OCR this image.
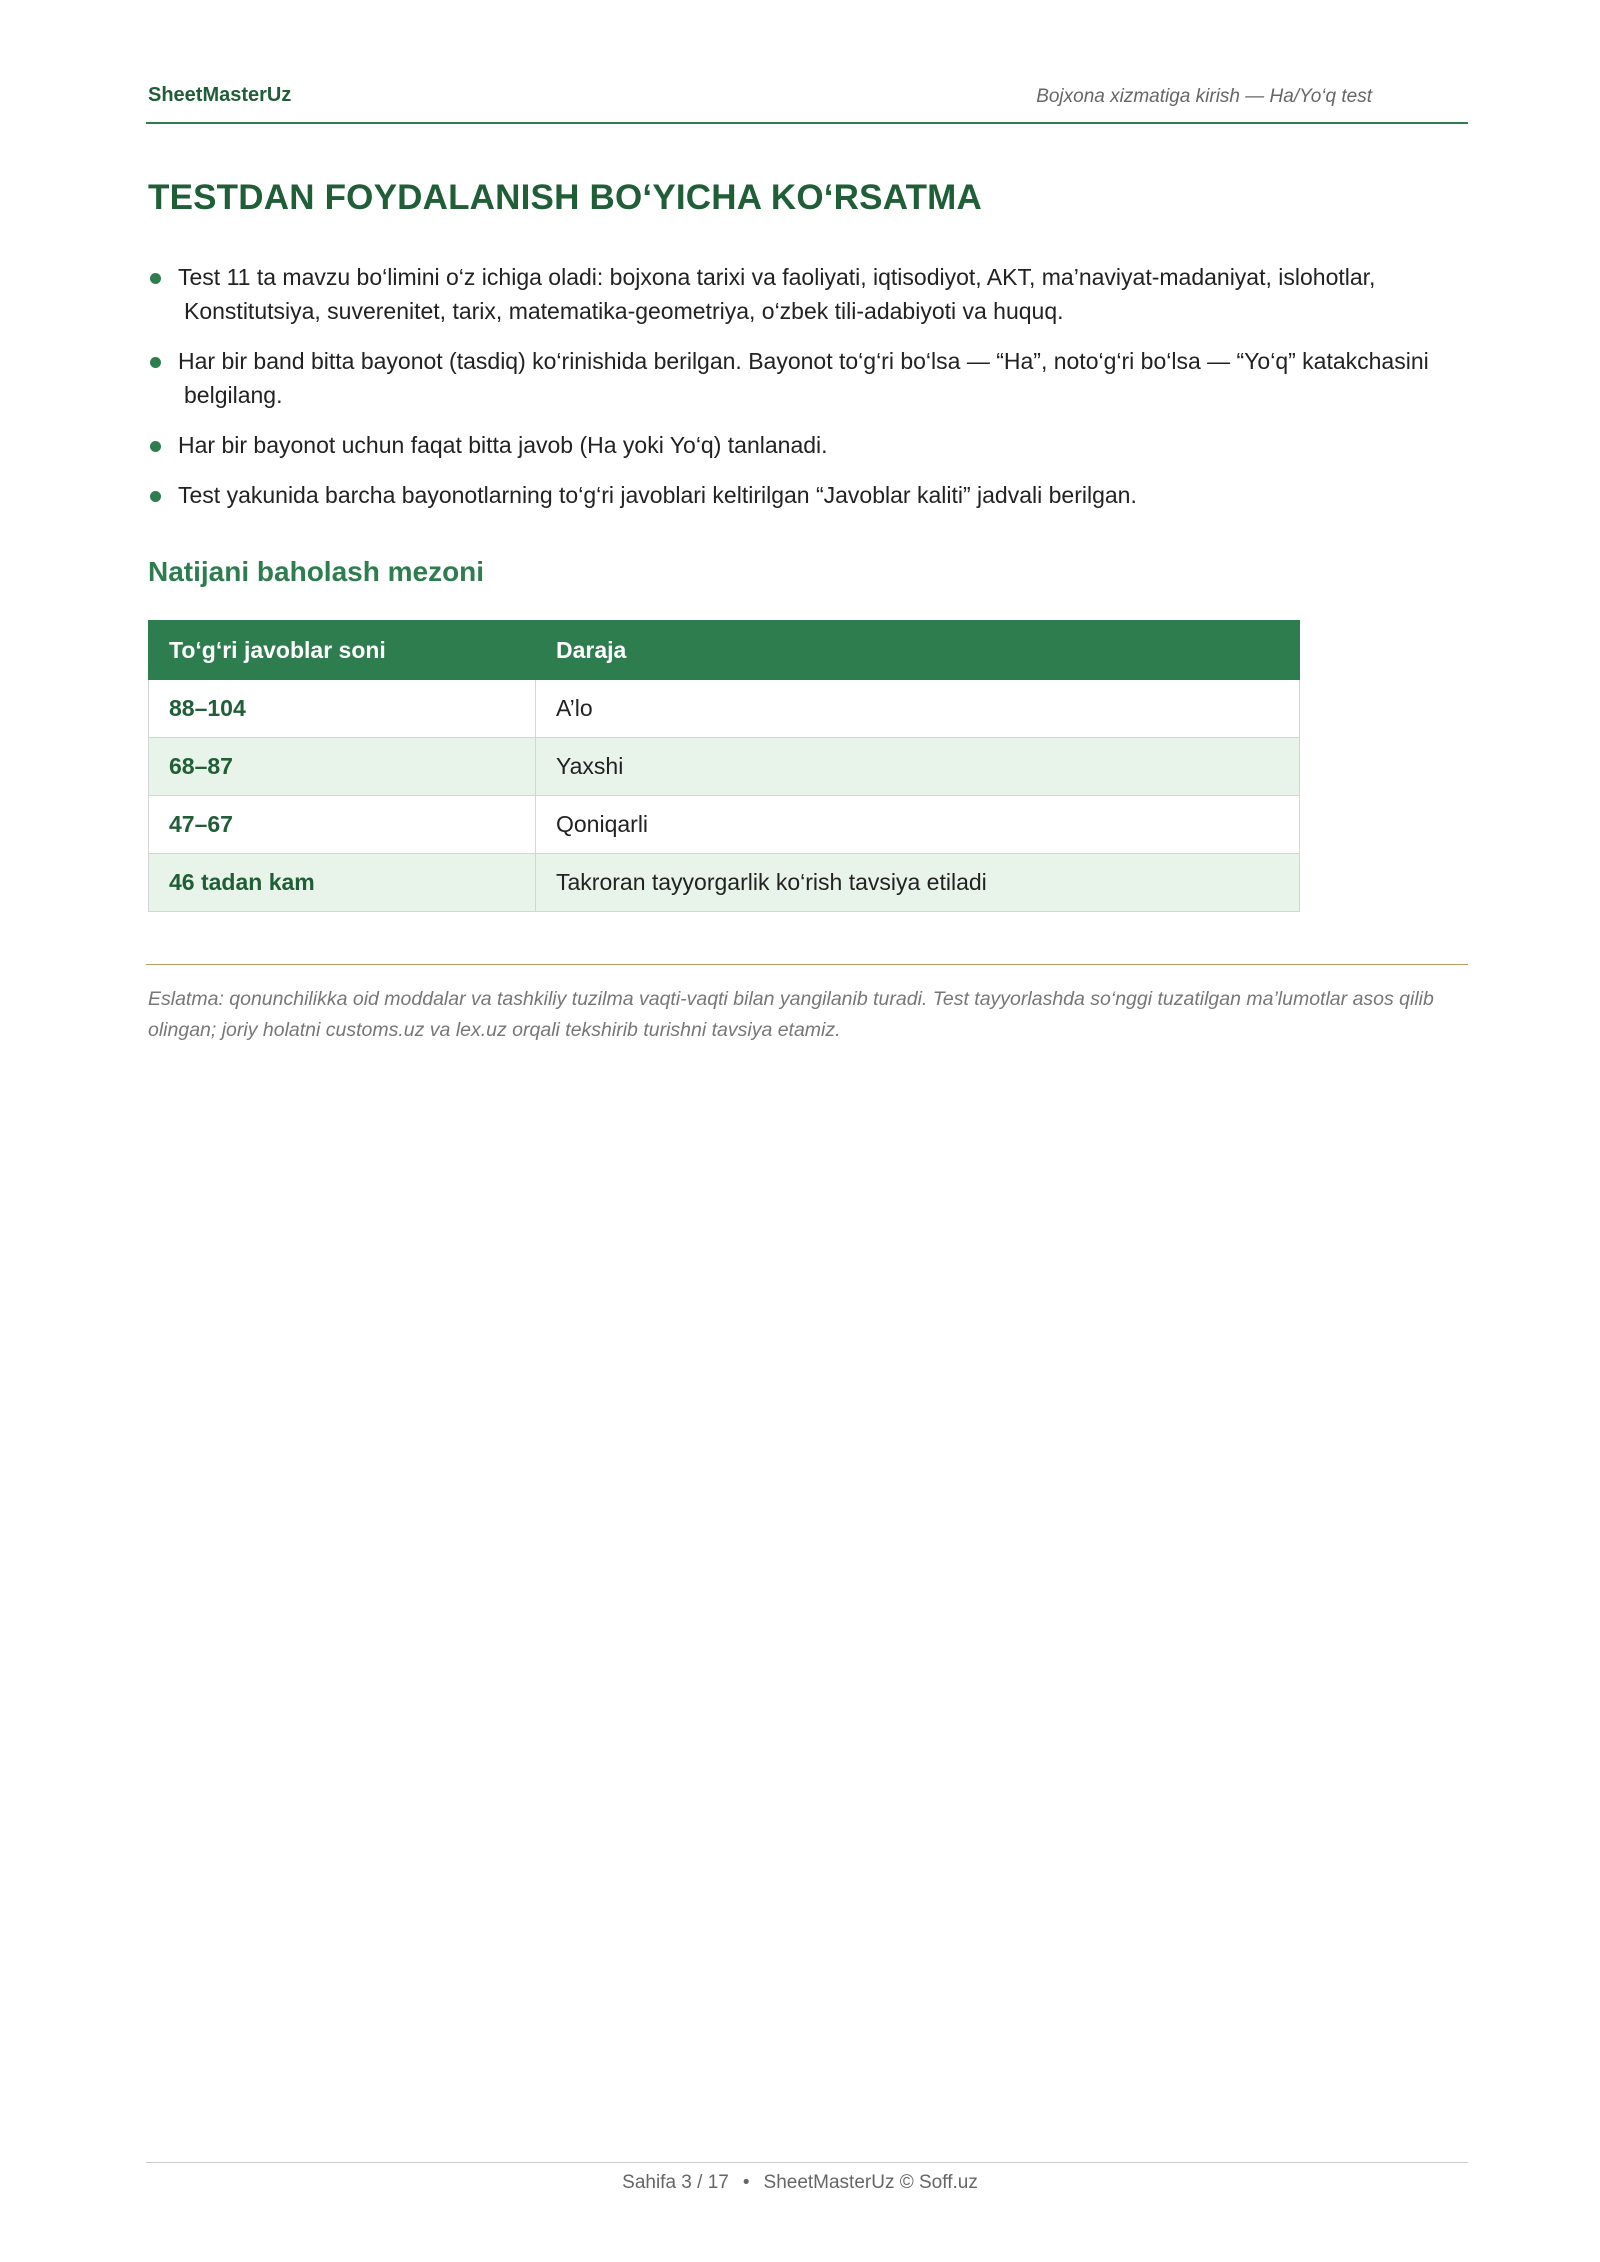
SheetMasterUz	Bojxona xizmatiga kirish — Ha/Yo‘q test
TESTDAN FOYDALANISH BO‘YICHA KO‘RSATMA
Test 11 ta mavzu bo‘limini o‘z ichiga oladi: bojxona tarixi va faoliyati, iqtisodiyot, AKT, ma’naviyat-madaniyat, islohotlar, Konstitutsiya, suverenitet, tarix, matematika-geometriya, o‘zbek tili-adabiyoti va huquq.
Har bir band bitta bayonot (tasdiq) ko‘rinishida berilgan. Bayonot to‘g‘ri bo‘lsa — “Ha”, noto‘g‘ri bo‘lsa — “Yo‘q” katakchasini belgilang.
Har bir bayonot uchun faqat bitta javob (Ha yoki Yo‘q) tanlanadi.
Test yakunida barcha bayonotlarning to‘g‘ri javoblari keltirilgan “Javoblar kaliti” jadvali berilgan.
Natijani baholash mezoni
To‘g‘ri javoblar soni	Daraja
88–104	A’lo
68–87	Yaxshi
47–67	Qoniqarli
46 tadan kam	Takroran tayyorgarlik ko‘rish tavsiya etiladi

Eslatma: qonunchilikka oid moddalar va tashkiliy tuzilma vaqti-vaqti bilan yangilanib turadi. Test tayyorlashda so‘nggi tuzatilgan ma’lumotlar asos qilib olingan; joriy holatni customs.uz va lex.uz orqali tekshirib turishni tavsiya etamiz.

Sahifa 3 / 17 • SheetMasterUz © Soff.uz
